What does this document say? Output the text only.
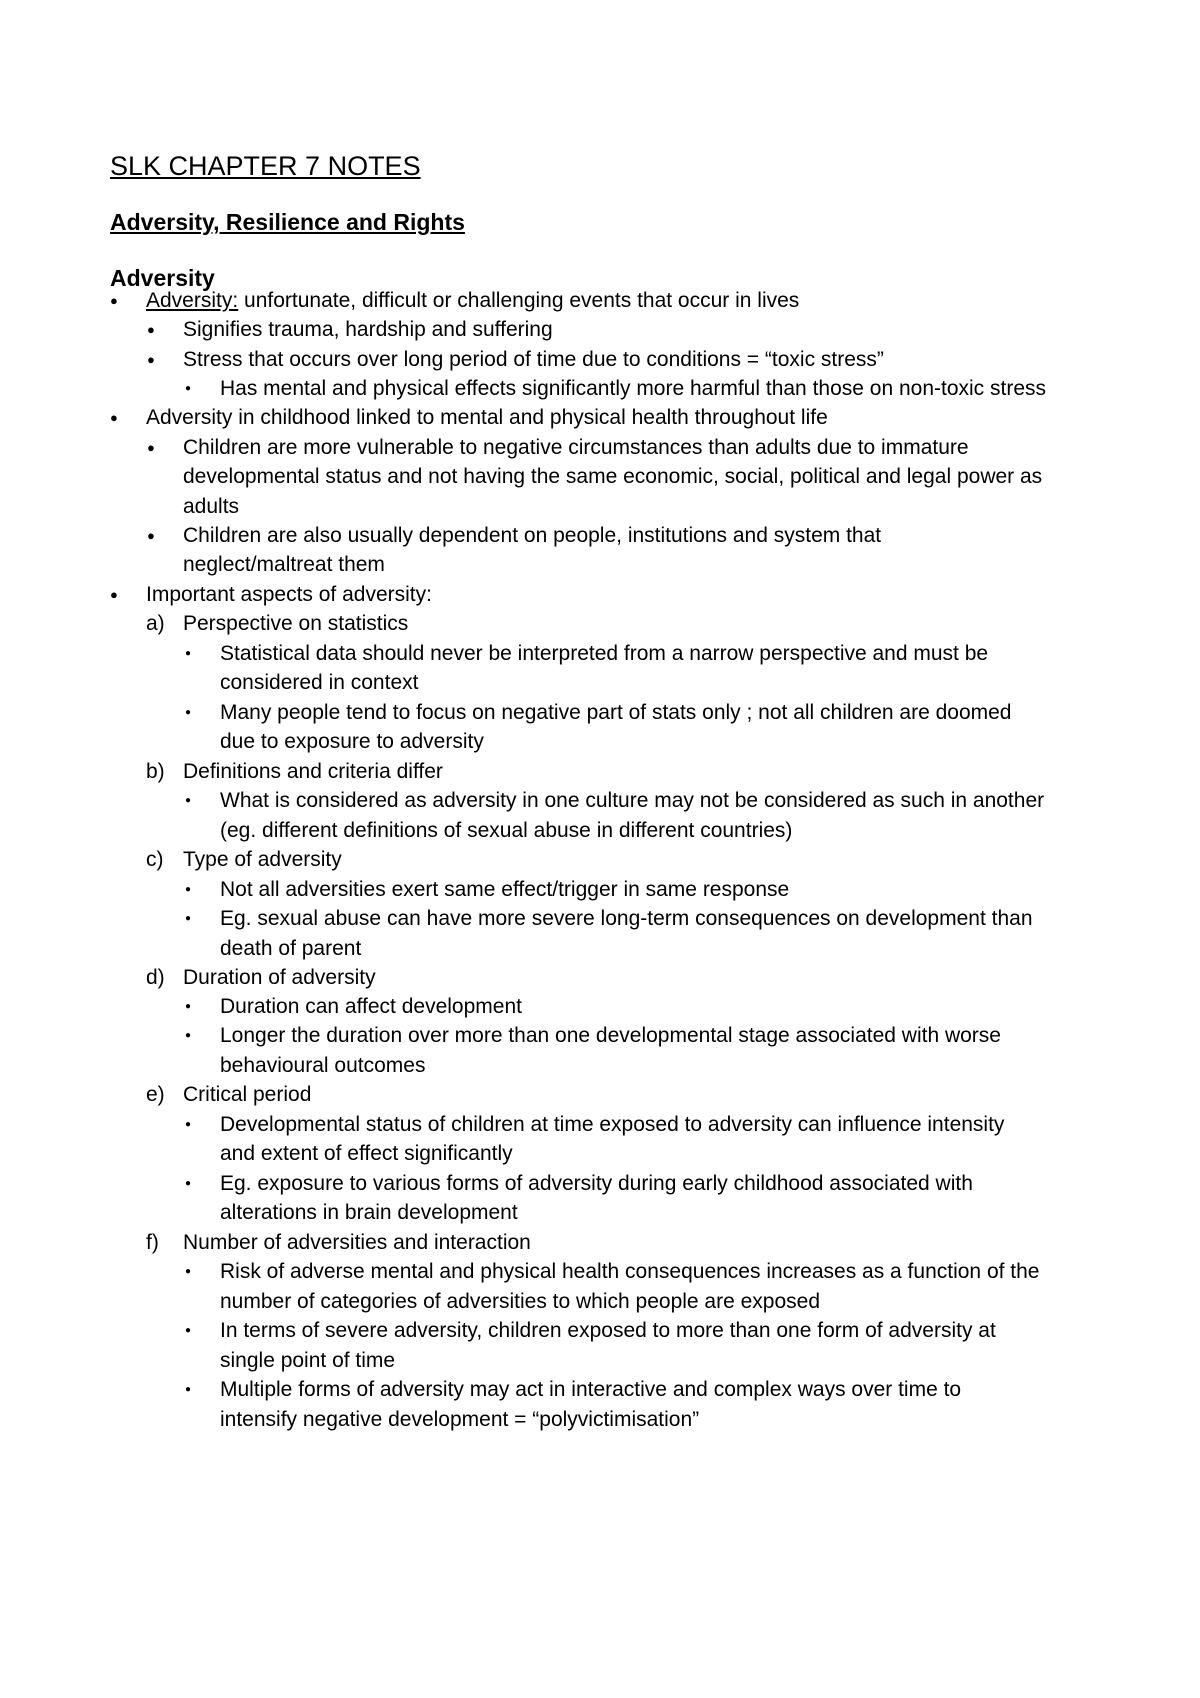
SLK CHAPTER 7 NOTES
Adversity, Resilience and Rights
Adversity
● Adversity: unfortunate, difficult or challenging events that occur in lives
● Signifies trauma, hardship and suffering
● Stress that occurs over long period of time due to conditions = “toxic stress”
● Has mental and physical effects significantly more harmful than those on non-toxic stress
● Adversity in childhood linked to mental and physical health throughout life
● Children are more vulnerable to negative circumstances than adults due to immature
developmental status and not having the same economic, social, political and legal power as
adults
● Children are also usually dependent on people, institutions and system that
neglect/maltreat them
● Important aspects of adversity:
a) Perspective on statistics
● Statistical data should never be interpreted from a narrow perspective and must be
considered in context
● Many people tend to focus on negative part of stats only ; not all children are doomed
due to exposure to adversity
b) Definitions and criteria differ
● What is considered as adversity in one culture may not be considered as such in another
(eg. different definitions of sexual abuse in different countries)
c) Type of adversity
● Not all adversities exert same effect/trigger in same response
● Eg. sexual abuse can have more severe long-term consequences on development than
death of parent
d) Duration of adversity
● Duration can affect development
● Longer the duration over more than one developmental stage associated with worse
behavioural outcomes
e) Critical period
● Developmental status of children at time exposed to adversity can influence intensity
and extent of effect significantly
● Eg. exposure to various forms of adversity during early childhood associated with
alterations in brain development
f) Number of adversities and interaction
● Risk of adverse mental and physical health consequences increases as a function of the
number of categories of adversities to which people are exposed
● In terms of severe adversity, children exposed to more than one form of adversity at
single point of time
● Multiple forms of adversity may act in interactive and complex ways over time to
intensify negative development = “polyvictimisation”
